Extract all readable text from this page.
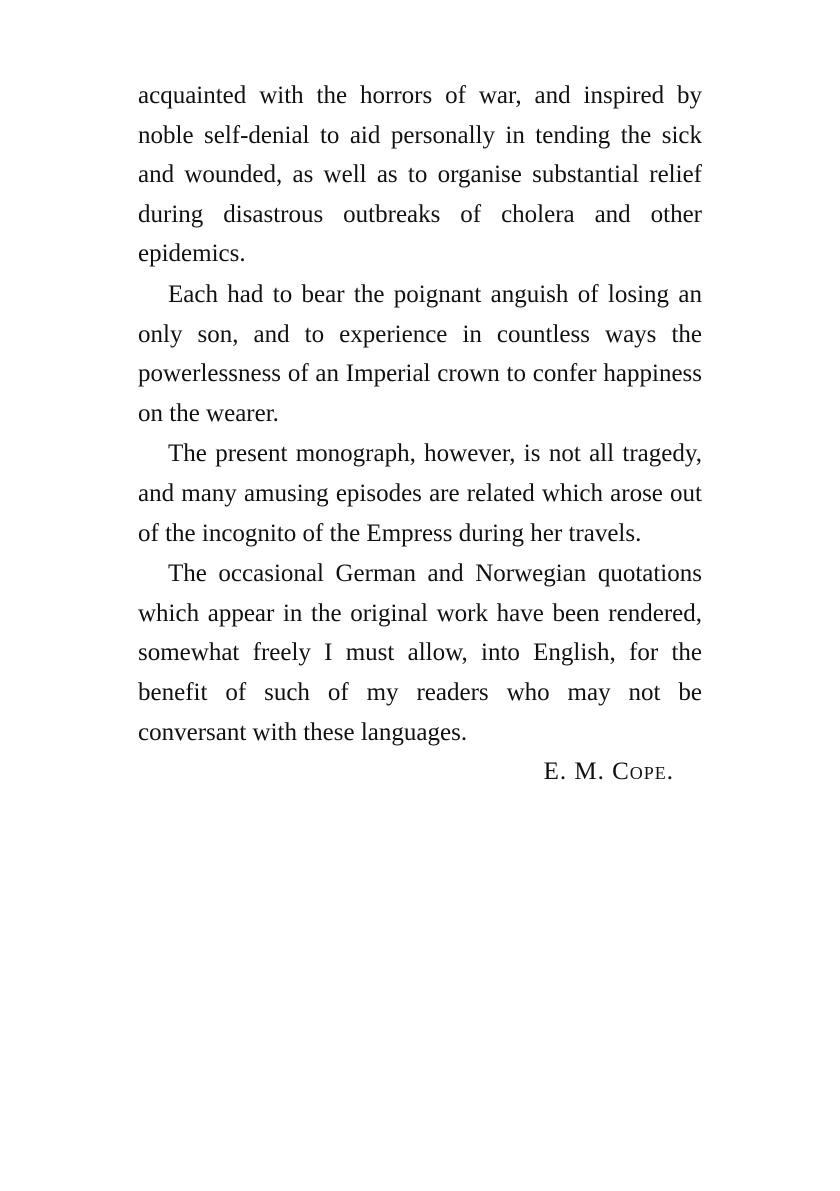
acquainted with the horrors of war, and inspired by noble self-denial to aid personally in tending the sick and wounded, as well as to organise substantial relief during disastrous outbreaks of cholera and other epidemics.

Each had to bear the poignant anguish of losing an only son, and to experience in countless ways the powerlessness of an Imperial crown to confer happiness on the wearer.

The present monograph, however, is not all tragedy, and many amusing episodes are related which arose out of the incognito of the Empress during her travels.

The occasional German and Norwegian quotations which appear in the original work have been rendered, somewhat freely I must allow, into English, for the benefit of such of my readers who may not be conversant with these languages.

E. M. Cope.
